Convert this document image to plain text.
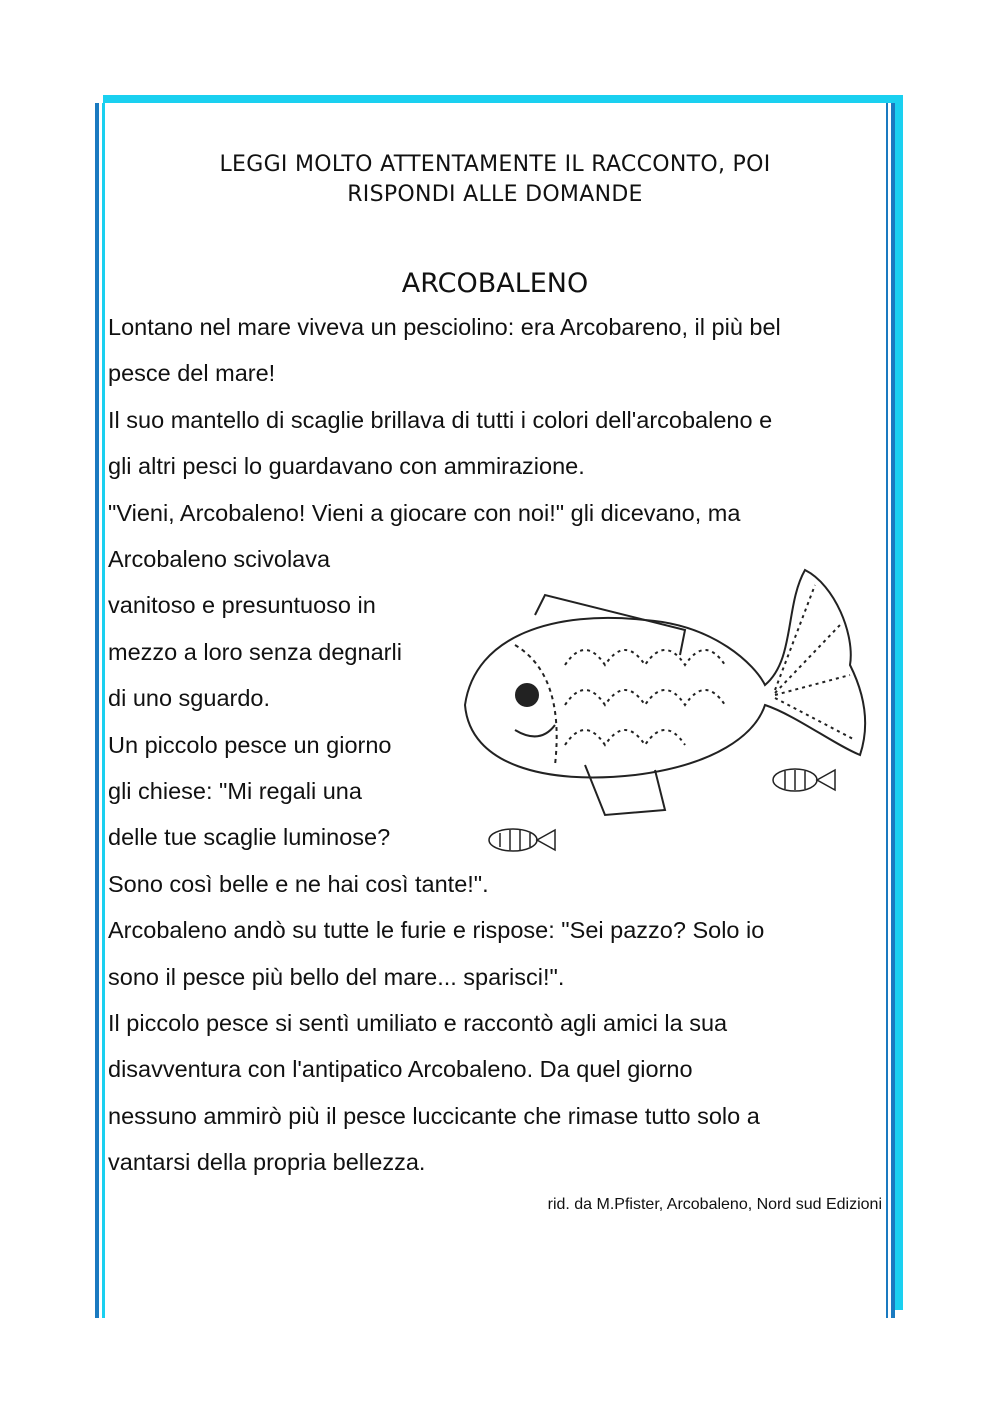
LEGGI MOLTO ATTENTAMENTE IL RACCONTO, POI
RISPONDI ALLE DOMANDE
ARCOBALENO
Lontano nel mare viveva un pesciolino: era Arcobareno, il più bel
pesce del mare!
Il suo mantello di scaglie brillava di tutti i colori dell'arcobaleno e
gli altri pesci lo guardavano con ammirazione.
"Vieni, Arcobaleno! Vieni a giocare con noi!" gli dicevano, ma
Arcobaleno scivolava
vanitoso e presuntuoso in
mezzo a loro senza degnarli
di uno sguardo.
Un piccolo pesce un giorno
gli chiese: "Mi regali una
delle tue scaglie luminose?
Sono così belle e ne hai così tante!".
Arcobaleno andò su tutte le furie e rispose: "Sei pazzo? Solo io
sono il pesce più bello del mare... sparisci!".
Il piccolo pesce si sentì umiliato e raccontò agli amici la sua
disavventura con l'antipatico Arcobaleno. Da quel giorno
nessuno ammirò più il pesce luccicante che rimase tutto solo a
vantarsi della propria bellezza.
rid. da M.Pfister, Arcobaleno, Nord sud Edizioni
